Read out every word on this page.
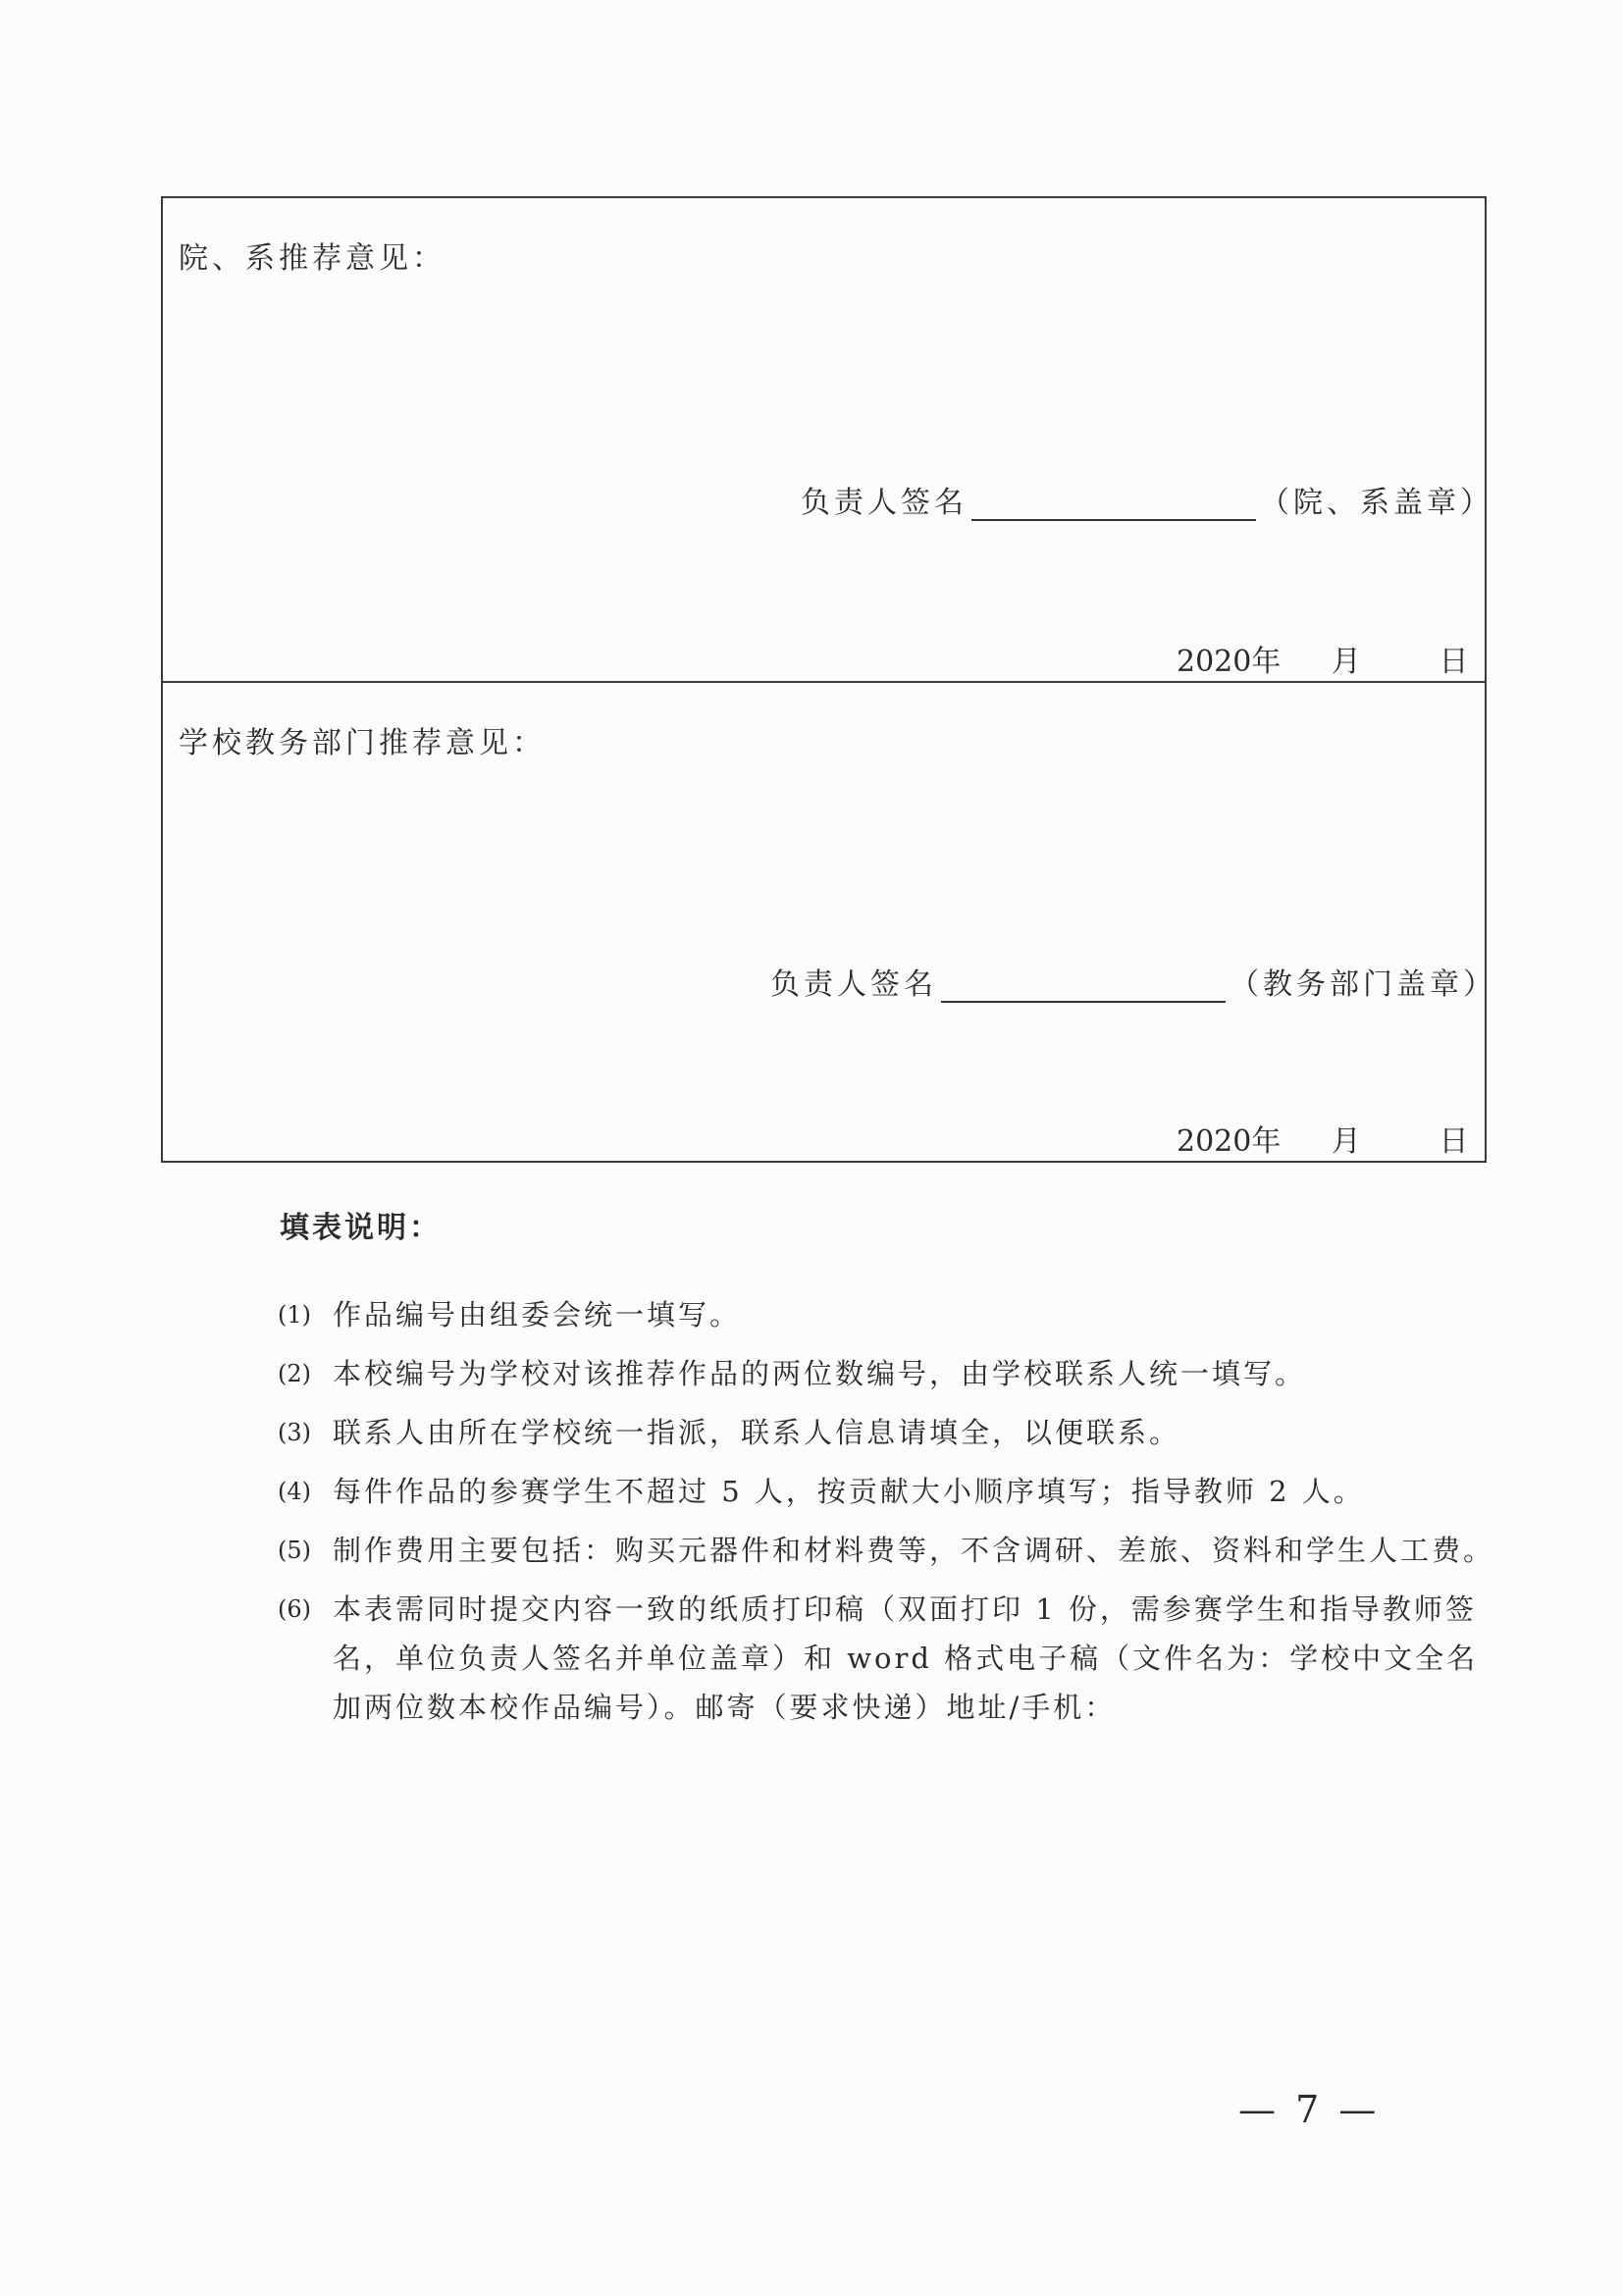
院、系推荐意见：
负责人签名	（院、系盖章）
2020年 月	日
学校教务部门推荐意见：
负责人签名	（教务部门盖章）
2020年 月	日
填表说明：
(1) 作品编号由组委会统一填写。
(2) 本校编号为学校对该推荐作品的两位数编号，由学校联系人统一填写。
(3) 联系人由所在学校统一指派，联系人信息请填全，以便联系。
(4) 每件作品的参赛学生不超过 5 人，按贡献大小顺序填写；指导教师 2 人。
(5) 制作费用主要包括：购买元器件和材料费等，不含调研、差旅、资料和学生人工费。
(6) 本表需同时提交内容一致的纸质打印稿（双面打印 1 份，需参赛学生和指导教师签名，单位负责人签名并单位盖章）和 word 格式电子稿（文件名为：学校中文全名加两位数本校作品编号）。邮寄（要求快递）地址/手机：
— 7 —
